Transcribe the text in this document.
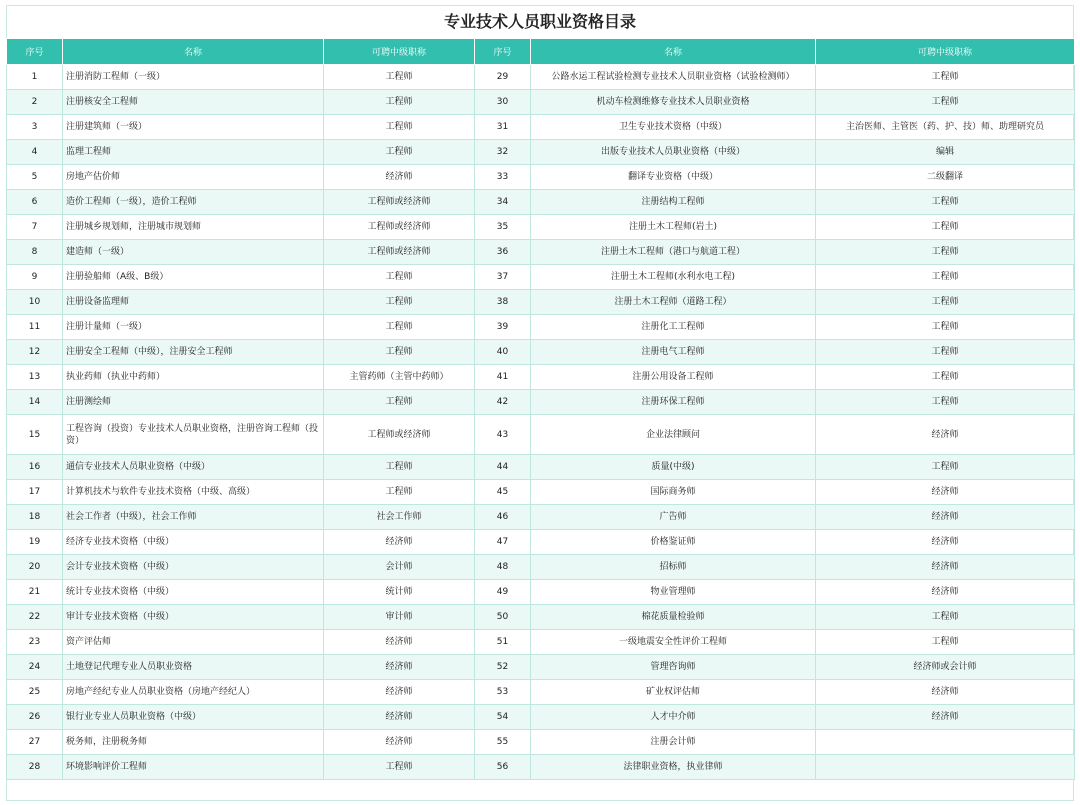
专业技术人员职业资格目录
序号	名称	可聘中级职称	序号	名称	可聘中级职称
1	注册消防工程师（一级）	工程师	29	公路水运工程试验检测专业技术人员职业资格（试验检测师）	工程师
2	注册核安全工程师	工程师	30	机动车检测维修专业技术人员职业资格	工程师
3	注册建筑师（一级）	工程师	31	卫生专业技术资格（中级）	主治医师、主管医（药、护、技）师、助理研究员
4	监理工程师	工程师	32	出版专业技术人员职业资格（中级）	编辑
5	房地产估价师	经济师	33	翻译专业资格（中级）	二级翻译
6	造价工程师（一级），造价工程师	工程师或经济师	34	注册结构工程师	工程师
7	注册城乡规划师，注册城市规划师	工程师或经济师	35	注册土木工程师(岩土)	工程师
8	建造师（一级）	工程师或经济师	36	注册土木工程师（港口与航道工程）	工程师
9	注册验船师（A级、B级）	工程师	37	注册土木工程师(水利水电工程)	工程师
10	注册设备监理师	工程师	38	注册土木工程师（道路工程）	工程师
11	注册计量师（一级）	工程师	39	注册化工工程师	工程师
12	注册安全工程师（中级），注册安全工程师	工程师	40	注册电气工程师	工程师
13	执业药师（执业中药师）	主管药师（主管中药师）	41	注册公用设备工程师	工程师
14	注册测绘师	工程师	42	注册环保工程师	工程师
15	工程咨询（投资）专业技术人员职业资格，注册咨询工程师（投资）	工程师或经济师	43	企业法律顾问	经济师
16	通信专业技术人员职业资格（中级）	工程师	44	质量(中级)	工程师
17	计算机技术与软件专业技术资格（中级、高级）	工程师	45	国际商务师	经济师
18	社会工作者（中级），社会工作师	社会工作师	46	广告师	经济师
19	经济专业技术资格（中级）	经济师	47	价格鉴证师	经济师
20	会计专业技术资格（中级）	会计师	48	招标师	经济师
21	统计专业技术资格（中级）	统计师	49	物业管理师	经济师
22	审计专业技术资格（中级）	审计师	50	棉花质量检验师	工程师
23	资产评估师	经济师	51	一级地震安全性评价工程师	工程师
24	土地登记代理专业人员职业资格	经济师	52	管理咨询师	经济师或会计师
25	房地产经纪专业人员职业资格（房地产经纪人）	经济师	53	矿业权评估师	经济师
26	银行业专业人员职业资格（中级）	经济师	54	人才中介师	经济师
27	税务师，注册税务师	经济师	55	注册会计师	
28	环境影响评价工程师	工程师	56	法律职业资格，执业律师	
